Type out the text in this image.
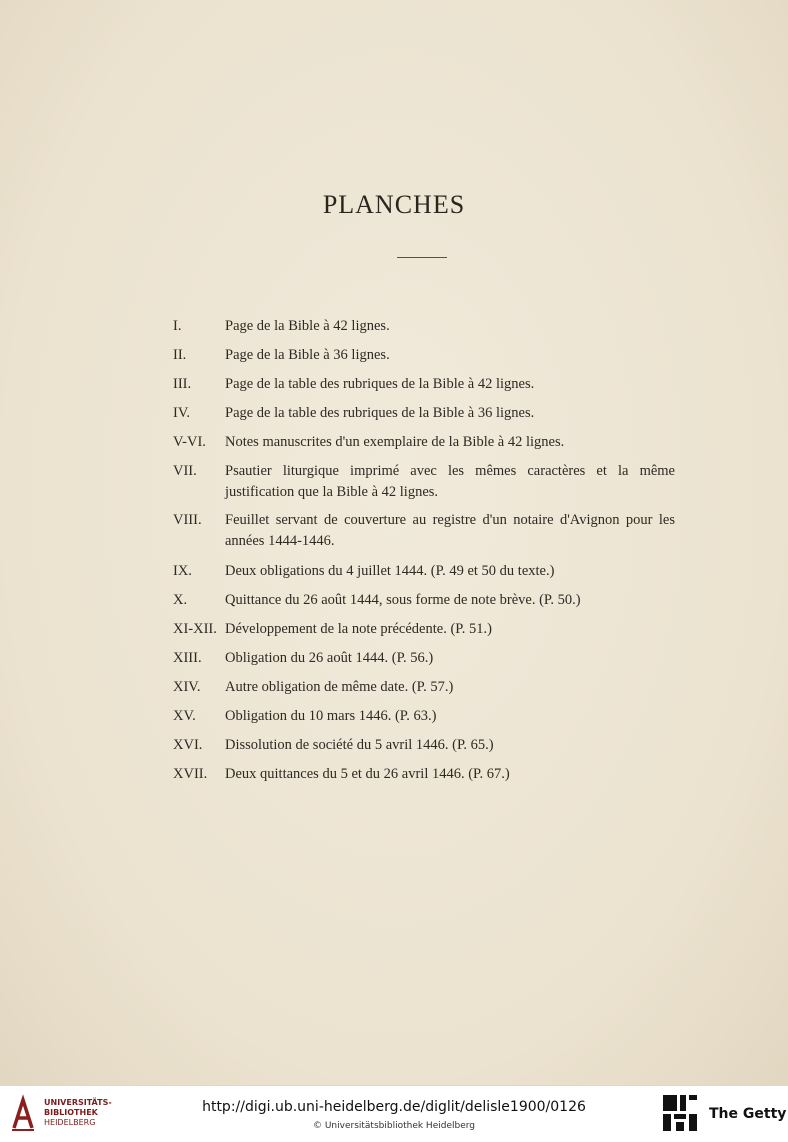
PLANCHES
I.	Page de la Bible à 42 lignes.
II.	Page de la Bible à 36 lignes.
III. Page de la table des rubriques de la Bible à 42 lignes.
IV. Page de la table des rubriques de la Bible à 36 lignes.
V-VI. Notes manuscrites d'un exemplaire de la Bible à 42 lignes.
VII. Psautier liturgique imprimé avec les mêmes caractères et la même justification que la Bible à 42 lignes.
VIII. Feuillet servant de couverture au registre d'un notaire d'Avignon pour les années 1444-1446.
IX. Deux obligations du 4 juillet 1444. (P. 49 et 50 du texte.)
X.	Quittance du 26 août 1444, sous forme de note brève. (P. 50.)
XI-XII. Développement de la note précédente. (P. 51.)
XIII. Obligation du 26 août 1444. (P. 56.)
XIV. Autre obligation de même date. (P. 57.)
XV. Obligation du 10 mars 1446. (P. 63.)
XVI. Dissolution de société du 5 avril 1446. (P. 65.)
XVII. Deux quittances du 5 et du 26 avril 1446. (P. 67.)
UNIVERSITÄTS-
BIBLIOTHEK
HEIDELBERG
http://digi.ub.uni-heidelberg.de/diglit/delisle1900/0126
© Universitätsbibliothek Heidelberg
The Getty
